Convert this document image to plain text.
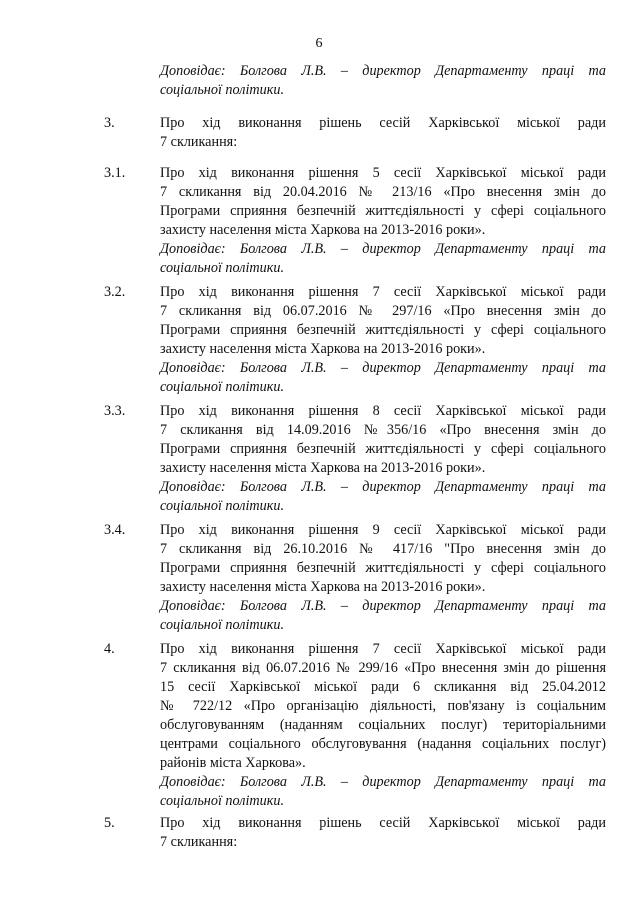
6
Доповідає: Болгова Л.В. – директор Департаменту праці та
соціальної політики.
3.	Про хід виконання рішень сесій Харківської міської ради
7 скликання:
3.1. Про хід виконання рішення 5 сесії Харківської міської ради
7 скликання від 20.04.2016 № 213/16 «Про внесення змін до
Програми сприяння безпечній життєдіяльності у сфері соціального
захисту населення міста Харкова на 2013-2016 роки».
Доповідає: Болгова Л.В. – директор Департаменту праці та
соціальної політики.
3.2. Про хід виконання рішення 7 сесії Харківської міської ради
7 скликання від 06.07.2016 № 297/16 «Про внесення змін до
Програми сприяння безпечній життєдіяльності у сфері соціального
захисту населення міста Харкова на 2013-2016 роки».
Доповідає: Болгова Л.В. – директор Департаменту праці та
соціальної політики.
3.3. Про хід виконання рішення 8 сесії Харківської міської ради
7 скликання від 14.09.2016 №356/16 «Про внесення змін до
Програми сприяння безпечній життєдіяльності у сфері соціального
захисту населення міста Харкова на 2013-2016 роки».
Доповідає: Болгова Л.В. – директор Департаменту праці та
соціальної політики.
3.4. Про хід виконання рішення 9 сесії Харківської міської ради
7 скликання від 26.10.2016 № 417/16 "Про внесення змін до
Програми сприяння безпечній життєдіяльності у сфері соціального
захисту населення міста Харкова на 2013-2016 роки».
Доповідає: Болгова Л.В. – директор Департаменту праці та
соціальної політики.
4.	Про хід виконання рішення 7 сесії Харківської міської ради
7 скликання від 06.07.2016 № 299/16 «Про внесення змін до рішення
15 сесії Харківської міської ради 6 скликання від 25.04.2012
№ 722/12 «Про організацію діяльності, пов'язану із соціальним
обслуговуванням (наданням соціальних послуг) територіальними
центрами соціального обслуговування (надання соціальних послуг)
районів міста Харкова».
Доповідає: Болгова Л.В. – директор Департаменту праці та
соціальної політики.
5.	Про хід виконання рішень сесій Харківської міської ради
7 скликання:
